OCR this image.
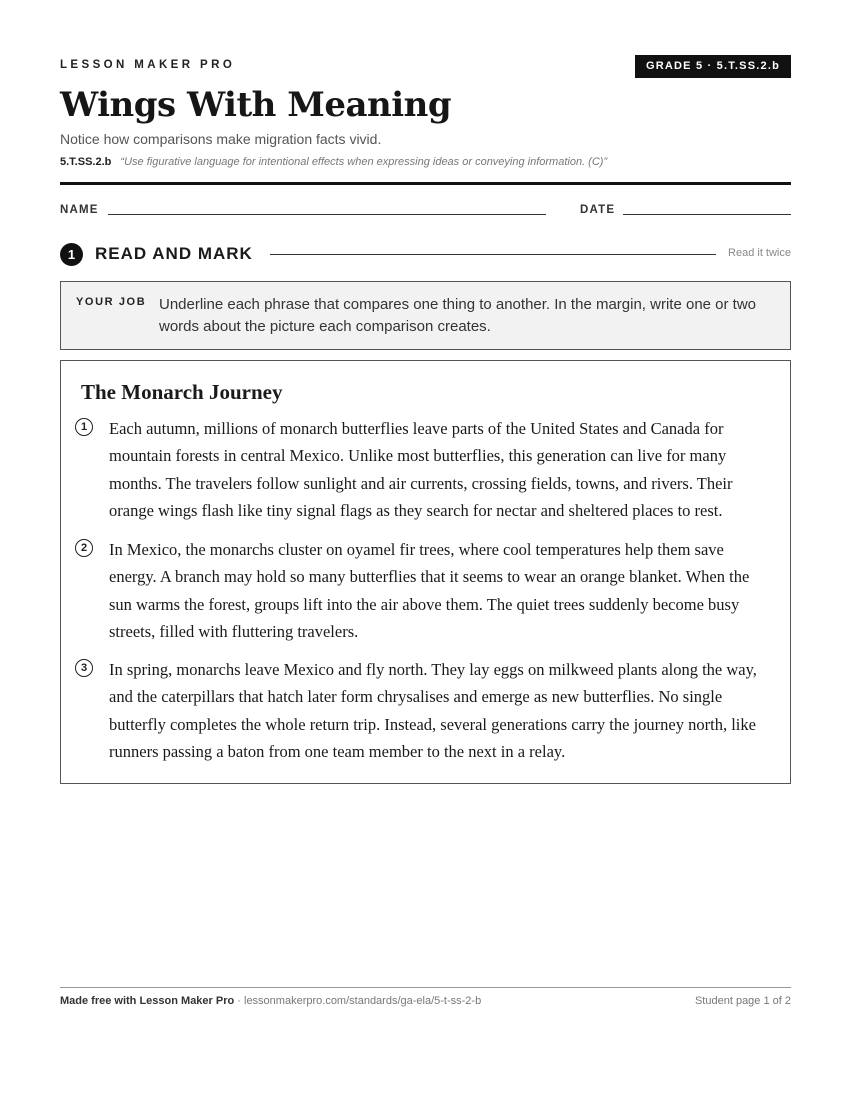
LESSON MAKER PRO	GRADE 5 · 5.T.SS.2.b
Wings With Meaning
Notice how comparisons make migration facts vivid.
5.T.SS.2.b “Use figurative language for intentional effects when expressing ideas or conveying information. (C)”
NAME	DATE
1	READ AND MARK	Read it twice
YOUR JOB Underline each phrase that compares one thing to another. In the margin, write one or two words about the picture each comparison creates.
The Monarch Journey
1	Each autumn, millions of monarch butterflies leave parts of the United States and Canada for mountain forests in central Mexico. Unlike most butterflies, this generation can live for many months. The travelers follow sunlight and air currents, crossing fields, towns, and rivers. Their orange wings flash like tiny signal flags as they search for nectar and sheltered places to rest.

2	In Mexico, the monarchs cluster on oyamel fir trees, where cool temperatures help them save energy. A branch may hold so many butterflies that it seems to wear an orange blanket. When the sun warms the forest, groups lift into the air above them. The quiet trees suddenly become busy streets, filled with fluttering travelers.

3	In spring, monarchs leave Mexico and fly north. They lay eggs on milkweed plants along the way, and the caterpillars that hatch later form chrysalises and emerge as new butterflies. No single butterfly completes the whole return trip. Instead, several generations carry the journey north, like runners passing a baton from one team member to the next in a relay.

Made free with Lesson Maker Pro · lessonmakerpro.com/standards/ga-ela/5-t-ss-2-b	Student page 1 of 2
